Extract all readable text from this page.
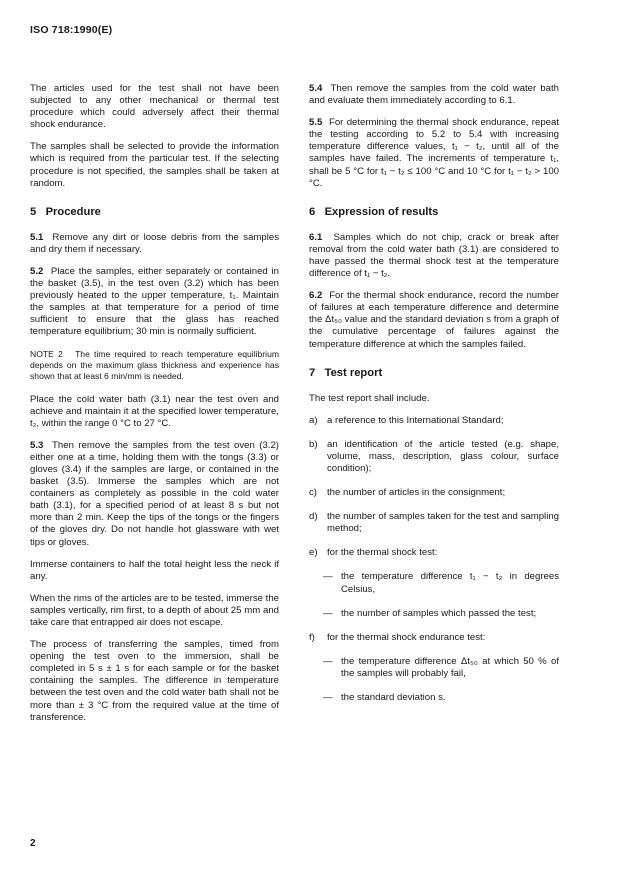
ISO 718:1990(E)

The articles used for the test shall not have been subjected to any other mechanical or thermal test procedure which could adversely affect their thermal shock endurance.

The samples shall be selected to provide the information which is required from the particular test. If the selecting procedure is not specified, the samples shall be taken at random.

5 Procedure

5.1 Remove any dirt or loose debris from the samples and dry them if necessary.

5.2 Place the samples, either separately or contained in the basket (3.5), in the test oven (3.2) which has been previously heated to the upper temperature, t₁. Maintain the samples at that temperature for a period of time sufficient to ensure that the glass has reached temperature equilibrium; 30 min is normally sufficient.

NOTE 2 The time required to reach temperature equilibrium depends on the maximum glass thickness and experience has shown that at least 6 min/mm is needed.

Place the cold water bath (3.1) near the test oven and achieve and maintain it at the specified lower temperature, t₂, within the range 0 °C to 27 °C.

5.3 Then remove the samples from the test oven (3.2) either one at a time, holding them with the tongs (3.3) or gloves (3.4) if the samples are large, or contained in the basket (3.5). Immerse the samples which are not containers as completely as possible in the cold water bath (3.1), for a specified period of at least 8 s but not more than 2 min. Keep the tips of the tongs or the fingers of the gloves dry. Do not handle hot glassware with wet tips or gloves.

Immerse containers to half the total height less the neck if any.

When the rims of the articles are to be tested, immerse the samples vertically, rim first, to a depth of about 25 mm and take care that entrapped air does not escape.

The process of transferring the samples, timed from opening the test oven to the immersion, shall be completed in 5 s ± 1 s for each sample or for the basket containing the samples. The difference in temperature between the test oven and the cold water bath shall not be more than ± 3 °C from the required value at the time of transference.

5.4 Then remove the samples from the cold water bath and evaluate them immediately according to 6.1.

5.5 For determining the thermal shock endurance, repeat the testing according to 5.2 to 5.4 with increasing temperature difference values, t₁ − t₂, until all of the samples have failed. The increments of temperature t₁, shall be 5 °C for t₁ − t₂ ≤ 100 °C and 10 °C for t₁ − t₂ > 100 °C.

6 Expression of results

6.1 Samples which do not chip, crack or break after removal from the cold water bath (3.1) are considered to have passed the thermal shock test at the temperature difference of t₁ − t₂.

6.2 For the thermal shock endurance, record the number of failures at each temperature difference and determine the Δt₅₀ value and the standard deviation s from a graph of the cumulative percentage of failures against the temperature difference at which the samples failed.

7 Test report

The test report shall include.

a) a reference to this International Standard;
b) an identification of the article tested (e.g. shape, volume, mass, description, glass colour, surface condition);
c)	the number of articles in the consignment;
d) the number of samples taken for the test and sampling method;
e) for the thermal shock test:
— the temperature difference t₁ − t₂ in degrees Celsius,
— the number of samples which passed the test;
f)	for the thermal shock endurance test:
— the temperature difference Δt₅₀ at which 50 % of the samples will probably fail,
— the standard deviation s.
2
